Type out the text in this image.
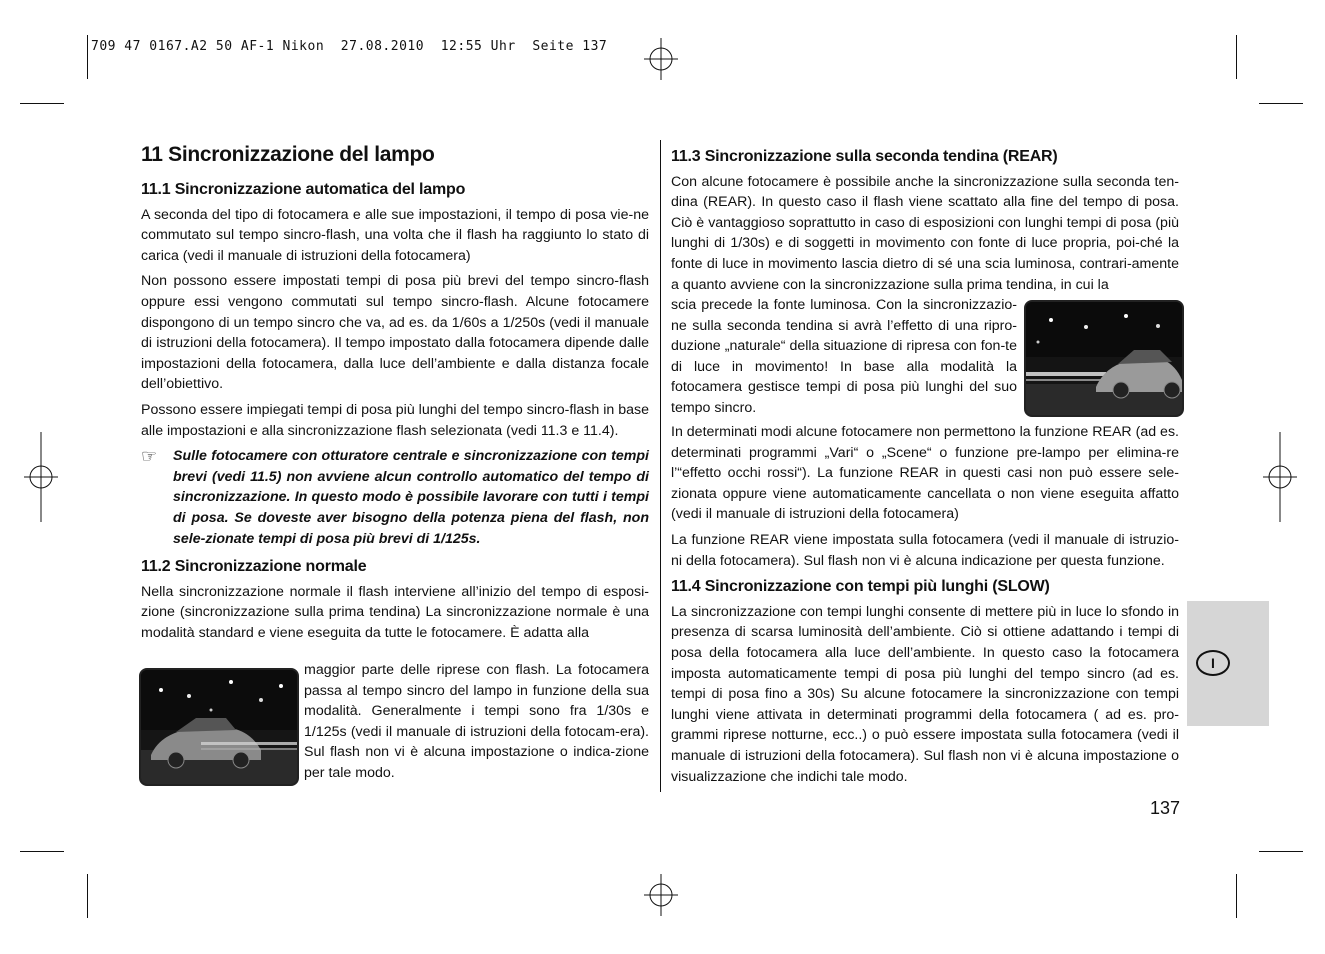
709 47 0167.A2 50 AF-1 Nikon  27.08.2010  12:55 Uhr  Seite 137
11 Sincronizzazione del lampo
11.1 Sincronizzazione automatica del lampo

A seconda del tipo di fotocamera e alle sue impostazioni, il tempo di posa vie-ne commutato sul tempo sincro-flash, una volta che il flash ha raggiunto lo stato di carica (vedi il manuale di istruzioni della fotocamera)

Non possono essere impostati tempi di posa più brevi del tempo sincro-flash oppure essi vengono commutati sul tempo sincro-flash. Alcune fotocamere dispongono di un tempo sincro che va, ad es. da 1/60s a 1/250s (vedi il manuale di istruzioni della fotocamera). Il tempo impostato dalla fotocamera dipende dalle impostazioni della fotocamera, dalla luce dell’ambiente e dalla distanza focale dell’obiettivo.

Possono essere impiegati tempi di posa più lunghi del tempo sincro-flash in base alle impostazioni e alla sincronizzazione flash selezionata (vedi 11.3 e 11.4).

☞	Sulle fotocamere con otturatore centrale e sincronizzazione con tempi brevi (vedi 11.5) non avviene alcun controllo automatico del tempo di sincronizzazione. In questo modo è possibile lavorare con tutti i tempi di posa. Se doveste aver bisogno della potenza piena del flash, non sele-zionate tempi di posa più brevi di 1/125s.
11.2 Sincronizzazione normale

Nella sincronizzazione normale il flash interviene all’inizio del tempo di esposi-zione (sincronizzazione sulla prima tendina) La sincronizzazione normale è una modalità standard e viene eseguita da tutte le fotocamere. È adatta alla

maggior parte delle riprese con flash. La fotocamera passa al tempo sincro del lampo in funzione della sua modalità. Generalmente i tempi sono fra 1/30s e 1/125s (vedi il manuale di istruzioni della fotocam-era). Sul flash non vi è alcuna impostazione o indica-zione per tale modo.

11.3 Sincronizzazione sulla seconda tendina (REAR)

Con alcune fotocamere è possibile anche la sincronizzazione sulla seconda ten-dina (REAR). In questo caso il flash viene scattato alla fine del tempo di posa. Ciò è vantaggioso soprattutto in caso di esposizioni con lunghi tempi di posa (più lunghi di 1/30s) e di soggetti in movimento con fonte di luce propria, poi-ché la fonte di luce in movimento lascia dietro di sé una scia luminosa, contrari-amente a quanto avviene con la sincronizzazione sulla prima tendina, in cui la

scia precede la fonte luminosa. Con la sincronizzazio-ne sulla seconda tendina si avrà l’effetto di una ripro-duzione „naturale“ della situazione di ripresa con fon-te di luce in movimento! In base alla modalità la fotocamera gestisce tempi di posa più lunghi del suo tempo sincro.

In determinati modi alcune fotocamere non permettono la funzione REAR (ad es. determinati programmi „Vari“ o „Scene“ o funzione pre-lampo per elimina-re l’“effetto occhi rossi“). La funzione REAR in questi casi non può essere sele-zionata oppure viene automaticamente cancellata o non viene eseguita affatto (vedi il manuale di istruzioni della fotocamera)

La funzione REAR viene impostata sulla fotocamera (vedi il manuale di istruzio-ni della fotocamera). Sul flash non vi è alcuna indicazione per questa funzione.

11.4 Sincronizzazione con tempi più lunghi (SLOW)

La sincronizzazione con tempi lunghi consente di mettere più in luce lo sfondo in presenza di scarsa luminosità dell’ambiente. Ciò si ottiene adattando i tempi di posa della fotocamera alla luce dell’ambiente. In questo caso la fotocamera imposta automaticamente tempi di posa più lunghi del tempo sincro (ad es. tempi di posa fino a 30s) Su alcune fotocamere la sincronizzazione con tempi lunghi viene attivata in determinati programmi della fotocamera ( ad es. pro-grammi riprese notturne, ecc..) o può essere impostata sulla fotocamera (vedi il manuale di istruzioni della fotocamera). Sul flash non vi è alcuna impostazione o visualizzazione che indichi tale modo.

I
137
